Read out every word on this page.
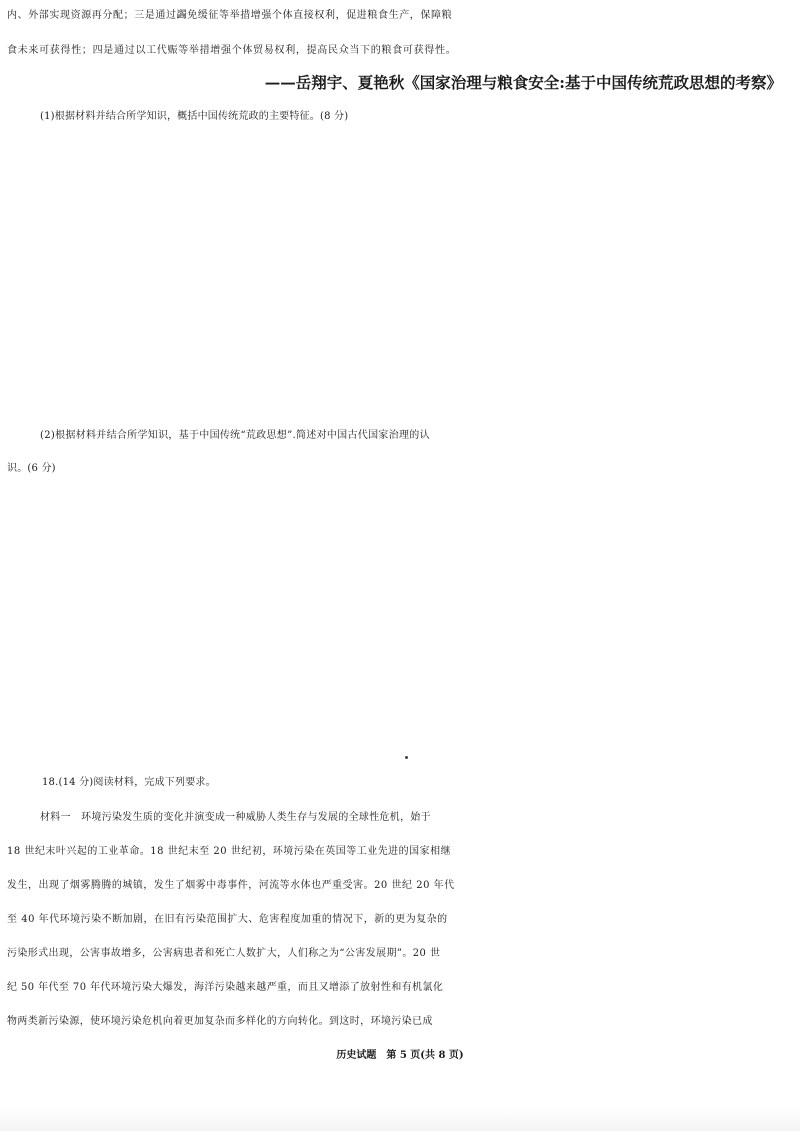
内、外部实现资源再分配；三是通过蠲免缓征等举措增强个体直接权利，促进粮食生产，保障粮
食未来可获得性；四是通过以工代赈等举措增强个体贸易权利，提高民众当下的粮食可获得性。
——岳翔宇、夏艳秋《国家治理与粮食安全:基于中国传统荒政思想的考察》
(1)根据材料并结合所学知识，概括中国传统荒政的主要特征。(8 分)
(2)根据材料并结合所学知识，基于中国传统“荒政思想”.简述对中国古代国家治理的认
识。(6 分)
18.(14 分)阅读材料，完成下列要求。
材料一　环境污染发生质的变化并演变成一种威胁人类生存与发展的全球性危机，始于
18 世纪末叶兴起的工业革命。18 世纪末至 20 世纪初，环境污染在英国等工业先进的国家相继
发生，出现了烟雾腾腾的城镇，发生了烟雾中毒事件，河流等水体也严重受害。20 世纪 20 年代
至 40 年代环境污染不断加剧，在旧有污染范围扩大、危害程度加重的情况下，新的更为复杂的
污染形式出现，公害事故增多，公害病患者和死亡人数扩大，人们称之为“公害发展期”。20 世
纪 50 年代至 70 年代环境污染大爆发，海洋污染越来越严重，而且又增添了放射性和有机氯化
物两类新污染源，使环境污染危机向着更加复杂而多样化的方向转化。到这时，环境污染已成
历史试题　第 5 页(共 8 页)
